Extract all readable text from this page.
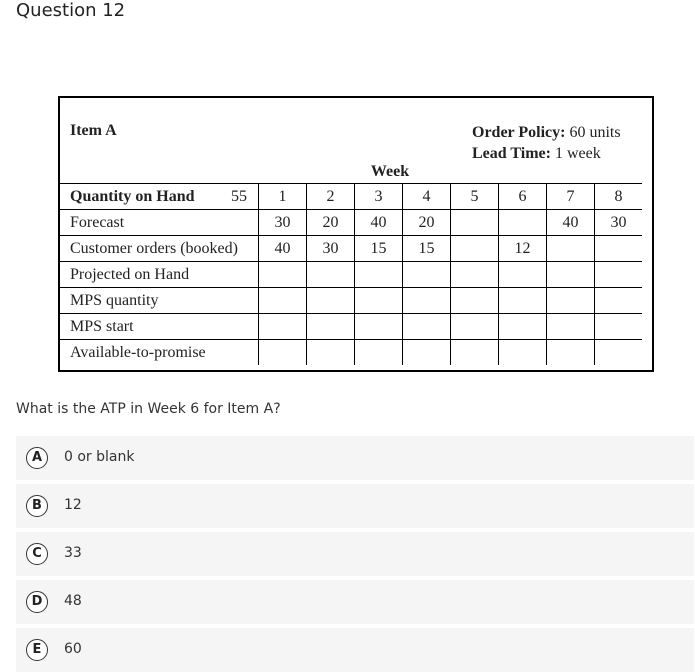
Question 12
Item A	Order Policy: 60 units
Lead Time: 1 week
Week
Quantity on Hand 55	1	2	3	4	5	6	7	8
Forecast	30	20	40	20			40	30
Customer orders (booked)	40	30	15	15		12		
Projected on Hand								
MPS quantity								
MPS start								
Available-to-promise								
What is the ATP in Week 6 for Item A?
A	0 or blank
B	12
C	33
D	48
E	60
